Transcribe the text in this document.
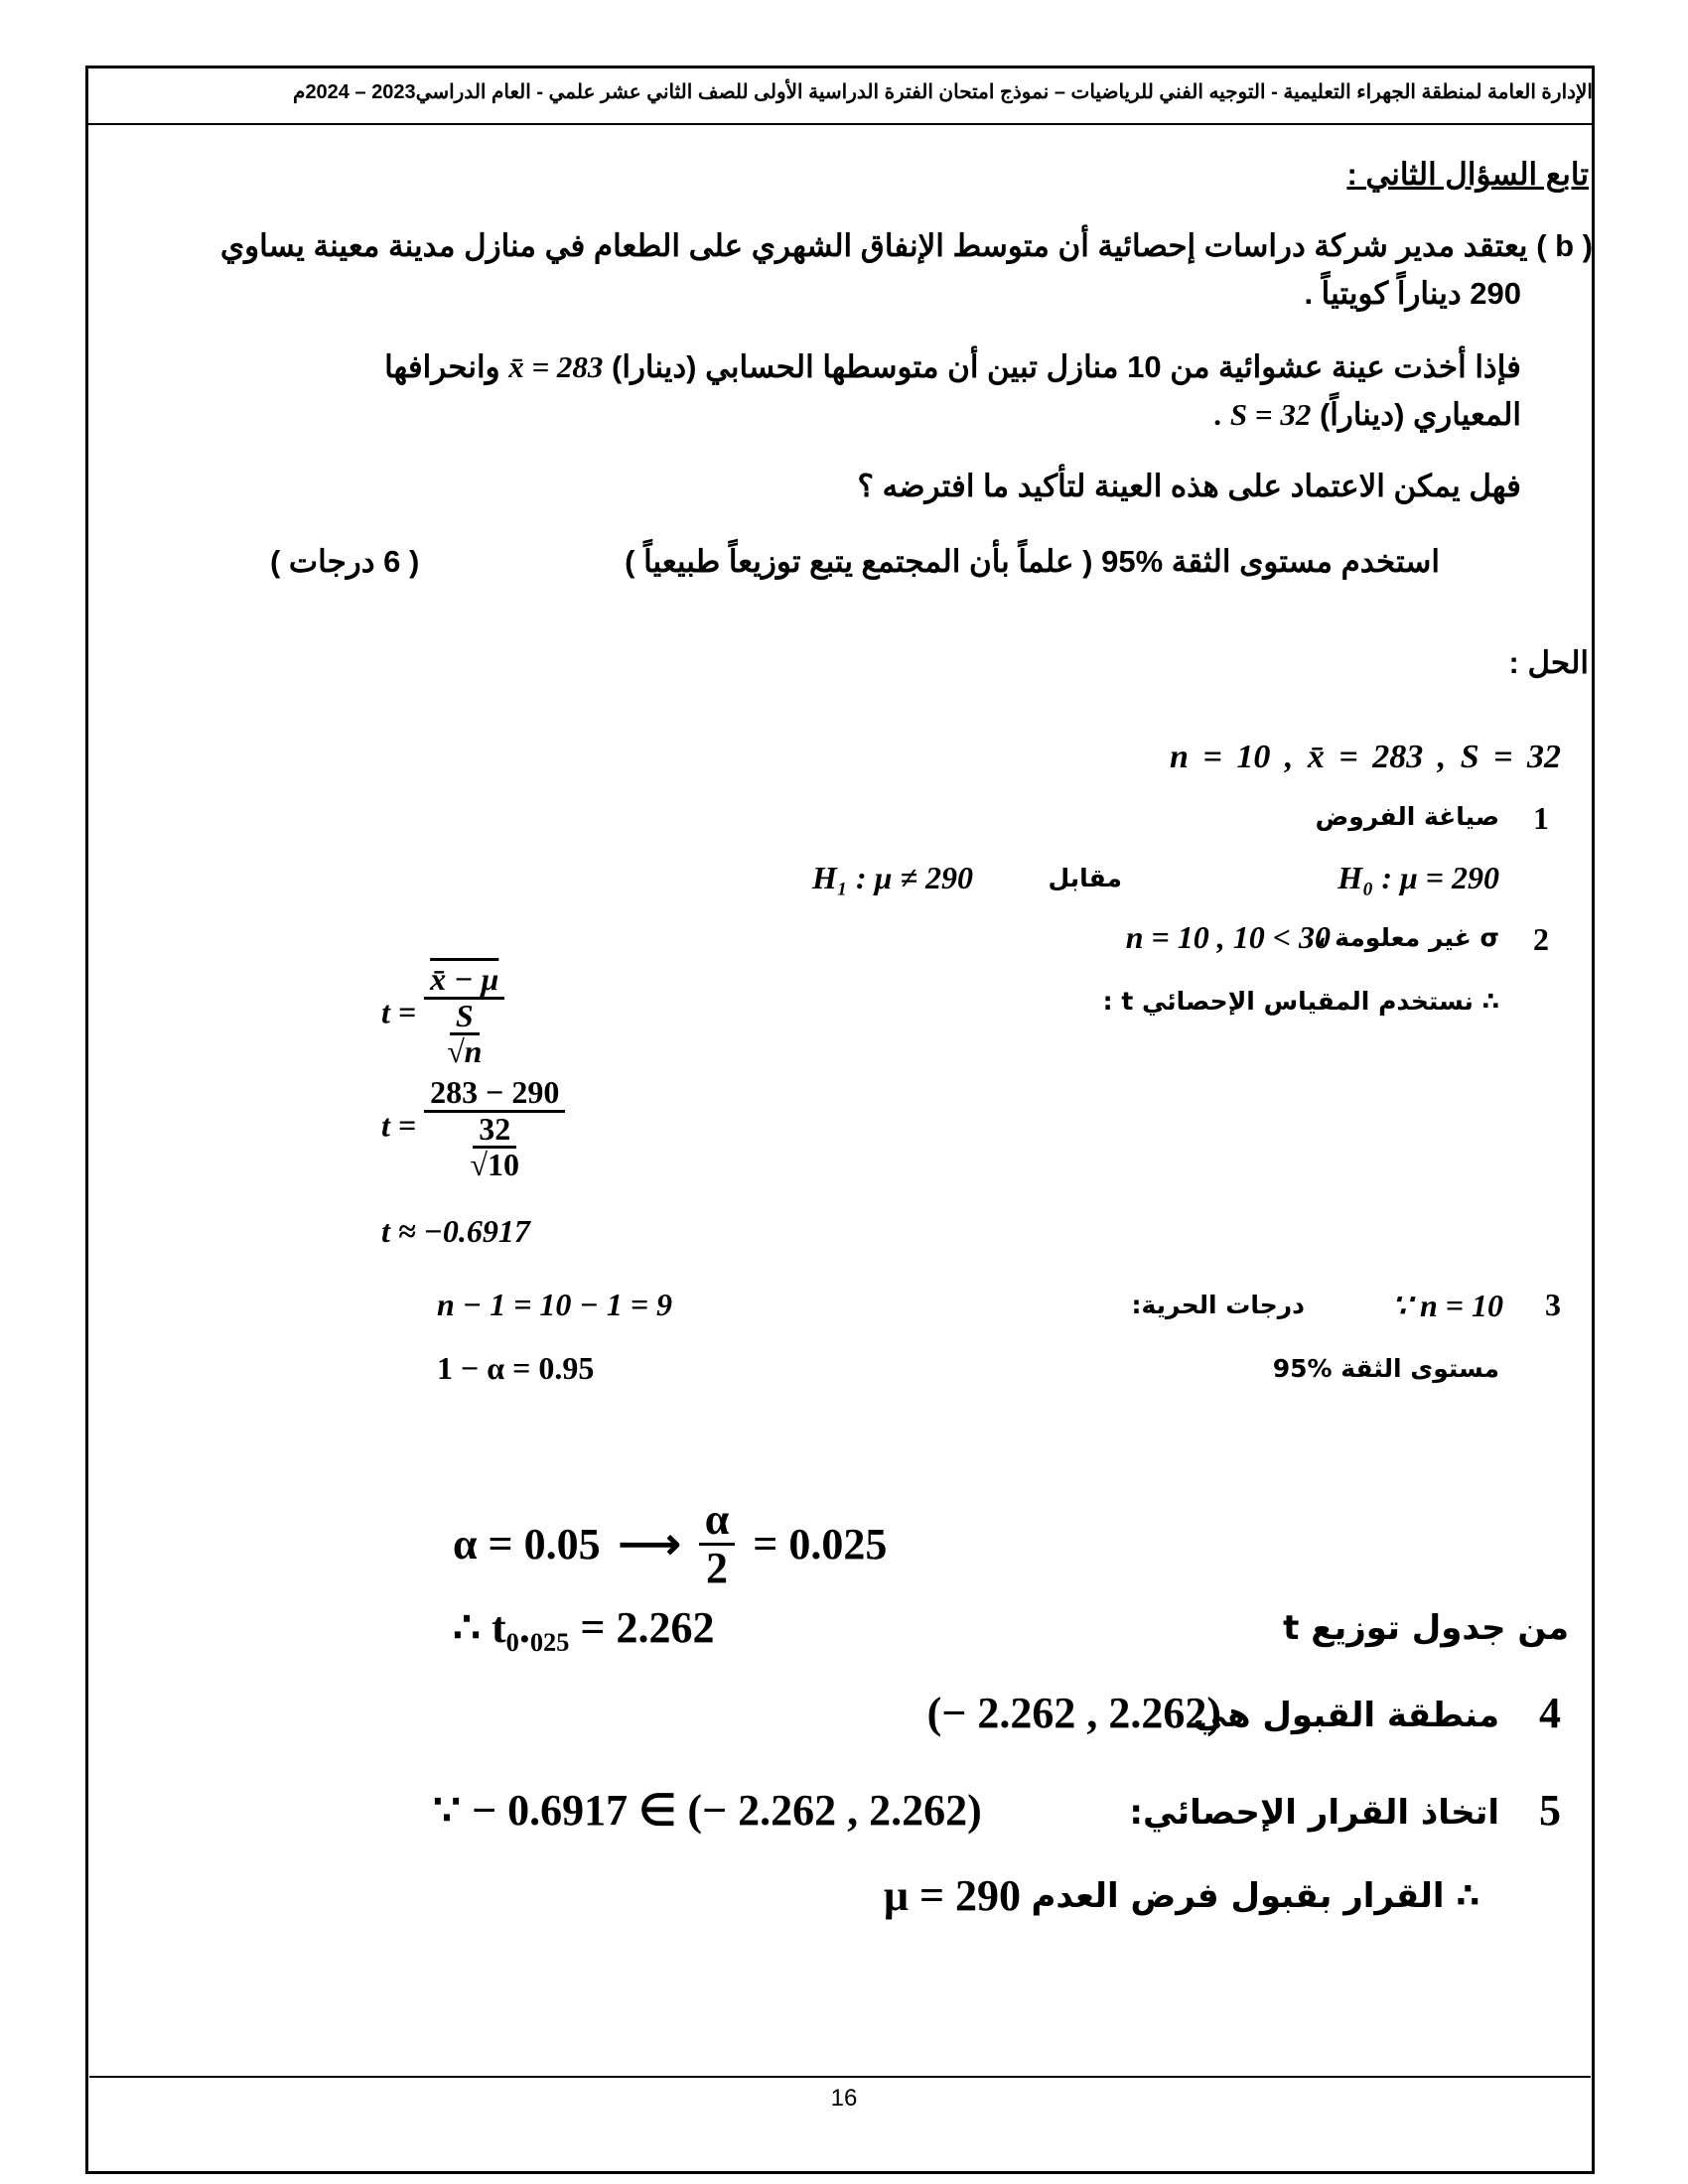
الإدارة العامة لمنطقة الجهراء التعليمية - التوجيه الفني للرياضيات – نموذج امتحان الفترة الدراسية الأولى للصف الثاني عشر علمي - العام الدراسي2023 – 2024م
تابع السؤال الثاني :
( b ) يعتقد مدير شركة دراسات إحصائية أن متوسط الإنفاق الشهري على الطعام في منازل مدينة معينة يساوي
290 ديناراً كويتياً .
فإذا أخذت عينة عشوائية من 10 منازل تبين أن متوسطها الحسابي (دينارا) x̄ = 283 وانحرافها
المعياري (ديناراً) S = 32 .
فهل يمكن الاعتماد على هذه العينة لتأكيد ما افترضه ؟
استخدم مستوى الثقة %95 ( علماً بأن المجتمع يتبع توزيعاً طبيعياً )
( 6 درجات )
الحل :
n = 10 , x̄ = 283 , S = 32
1
صياغة الفروض
H₀ : μ = 290
مقابل
H₁ : μ ≠ 290
2
σ غير معلومة ،
n = 10 , 10 < 30
∴ نستخدم المقياس الإحصائي t :
$t = \frac{x̄ - \mu}{\frac{S}{√n}}$
$t = \frac{283 - 290}{\frac{32}{√10}}$
t ≈ −0.6917
3
∵ n = 10
درجات الحرية:
n − 1 = 10 − 1 = 9
مستوى الثقة %95
1 − α = 0.95
α = 0.05 ⟶ $\frac{\alpha}{2} = 0.025$
∴ t₀.₀₂₅ = 2.262	من جدول توزيع t
4
منطقة القبول هي
(− 2.262 , 2.262)
5
اتخاذ القرار الإحصائي:
∵ − 0.6917 ∈ (− 2.262 , 2.262)
∴ القرار بقبول فرض العدم
μ = 290
16
